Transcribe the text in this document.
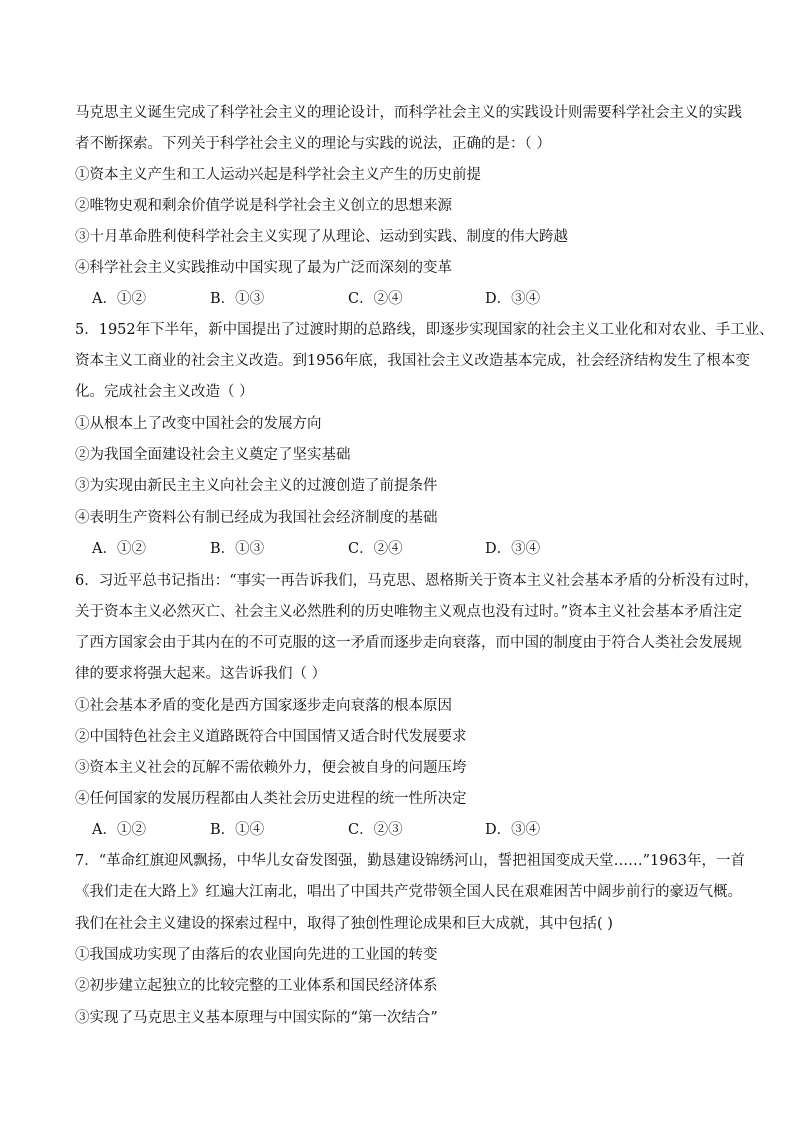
马克思主义诞生完成了科学社会主义的理论设计，而科学社会主义的实践设计则需要科学社会主义的实践
者不断探索。下列关于科学社会主义的理论与实践的说法，正确的是：（ ）
①资本主义产生和工人运动兴起是科学社会主义产生的历史前提
②唯物史观和剩余价值学说是科学社会主义创立的思想来源
③十月革命胜利使科学社会主义实现了从理论、运动到实践、制度的伟大跨越
④科学社会主义实践推动中国实现了最为广泛而深刻的变革
A．①②	B．①③	C．②④	D．③④
5．1952年下半年，新中国提出了过渡时期的总路线，即逐步实现国家的社会主义工业化和对农业、手工业、
资本主义工商业的社会主义改造。到1956年底，我国社会主义改造基本完成，社会经济结构发生了根本变
化。完成社会主义改造（ ）
①从根本上了改变中国社会的发展方向
②为我国全面建设社会主义奠定了坚实基础
③为实现由新民主主义向社会主义的过渡创造了前提条件
④表明生产资料公有制已经成为我国社会经济制度的基础
A．①②	B．①③	C．②④	D．③④
6．习近平总书记指出：“事实一再告诉我们，马克思、恩格斯关于资本主义社会基本矛盾的分析没有过时，
关于资本主义必然灭亡、社会主义必然胜利的历史唯物主义观点也没有过时。”资本主义社会基本矛盾注定
了西方国家会由于其内在的不可克服的这一矛盾而逐步走向衰落，而中国的制度由于符合人类社会发展规
律的要求将强大起来。这告诉我们（ ）
①社会基本矛盾的变化是西方国家逐步走向衰落的根本原因
②中国特色社会主义道路既符合中国国情又适合时代发展要求
③资本主义社会的瓦解不需依赖外力，便会被自身的问题压垮
④任何国家的发展历程都由人类社会历史进程的统一性所决定
A．①②	B．①④	C．②③	D．③④
7．“革命红旗迎风飘扬，中华儿女奋发图强，勤恳建设锦绣河山，誓把祖国变成天堂……”1963年，一首
《我们走在大路上》红遍大江南北，唱出了中国共产党带领全国人民在艰难困苦中阔步前行的豪迈气概。
我们在社会主义建设的探索过程中，取得了独创性理论成果和巨大成就，其中包括( )
①我国成功实现了由落后的农业国向先进的工业国的转变
②初步建立起独立的比较完整的工业体系和国民经济体系
③实现了马克思主义基本原理与中国实际的“第一次结合”
